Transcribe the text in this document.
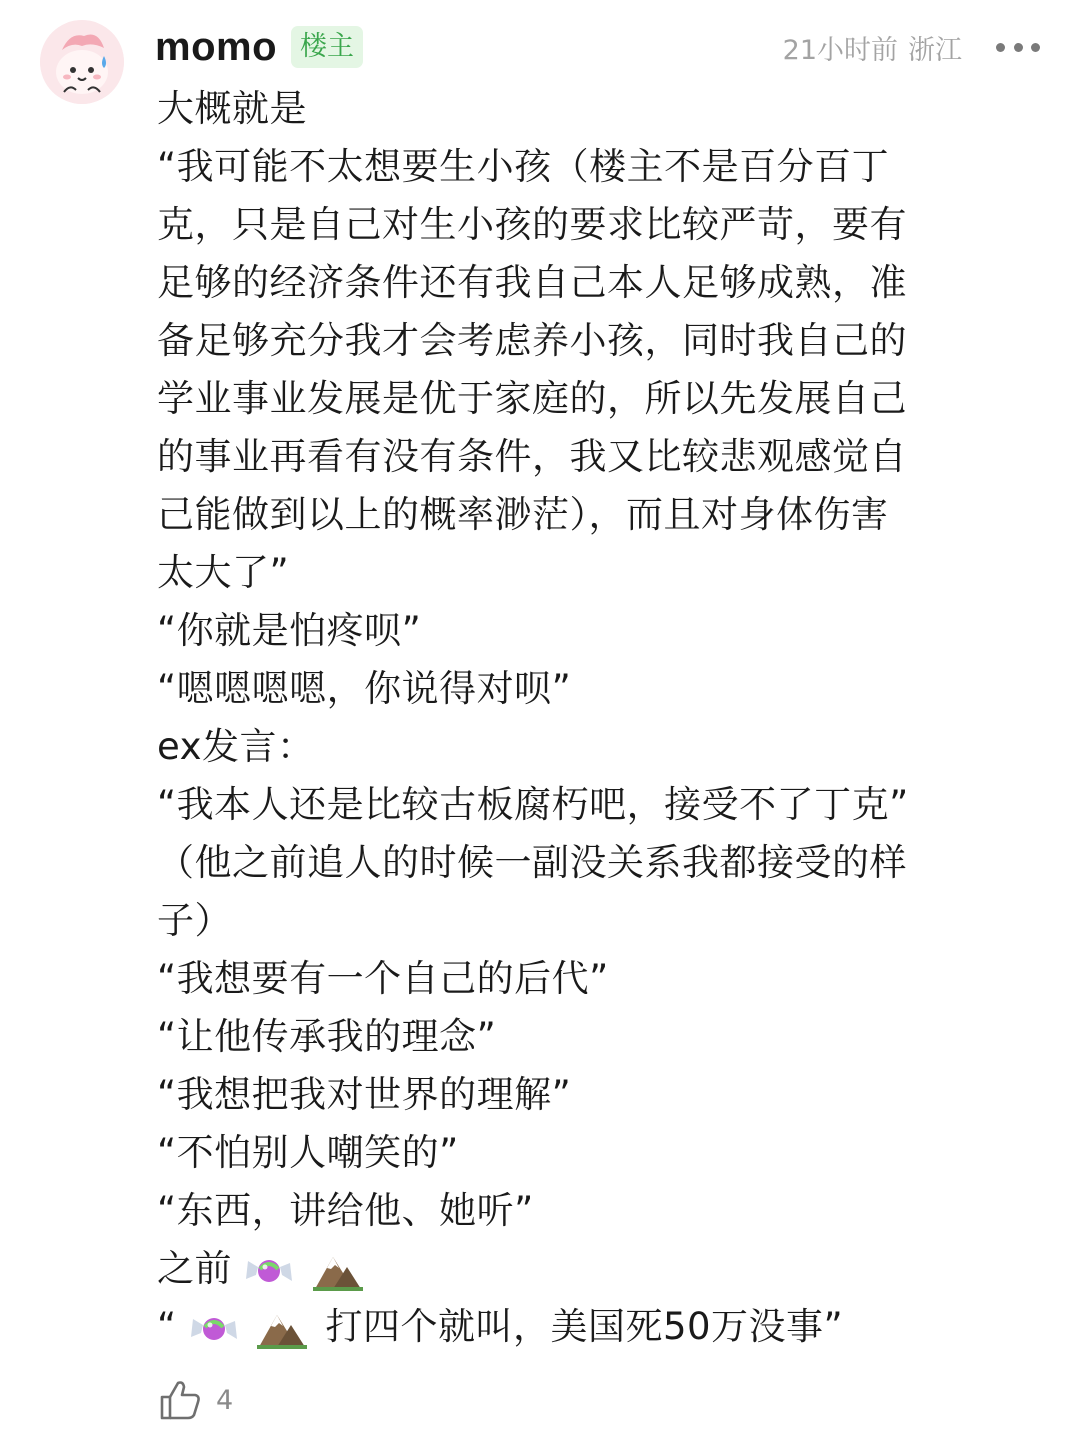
momo 楼主	21小时前 浙江
大概就是
“我可能不太想要生小孩（楼主不是百分百丁
克，只是自己对生小孩的要求比较严苛，要有
足够的经济条件还有我自己本人足够成熟，准
备足够充分我才会考虑养小孩，同时我自己的
学业事业发展是优于家庭的，所以先发展自己
的事业再看有没有条件，我又比较悲观感觉自
己能做到以上的概率渺茫），而且对身体伤害
太大了”
“你就是怕疼呗”
“嗯嗯嗯嗯，你说得对呗”
ex发言：
“我本人还是比较古板腐朽吧，接受不了丁克”
（他之前追人的时候一副没关系我都接受的样
子）
“我想要有一个自己的后代”
“让他传承我的理念”
“我想把我对世界的理解”
“不怕别人嘲笑的”
“东西，讲给他、她听”
之前
“	打四个就叫，美国死50万没事”
4
